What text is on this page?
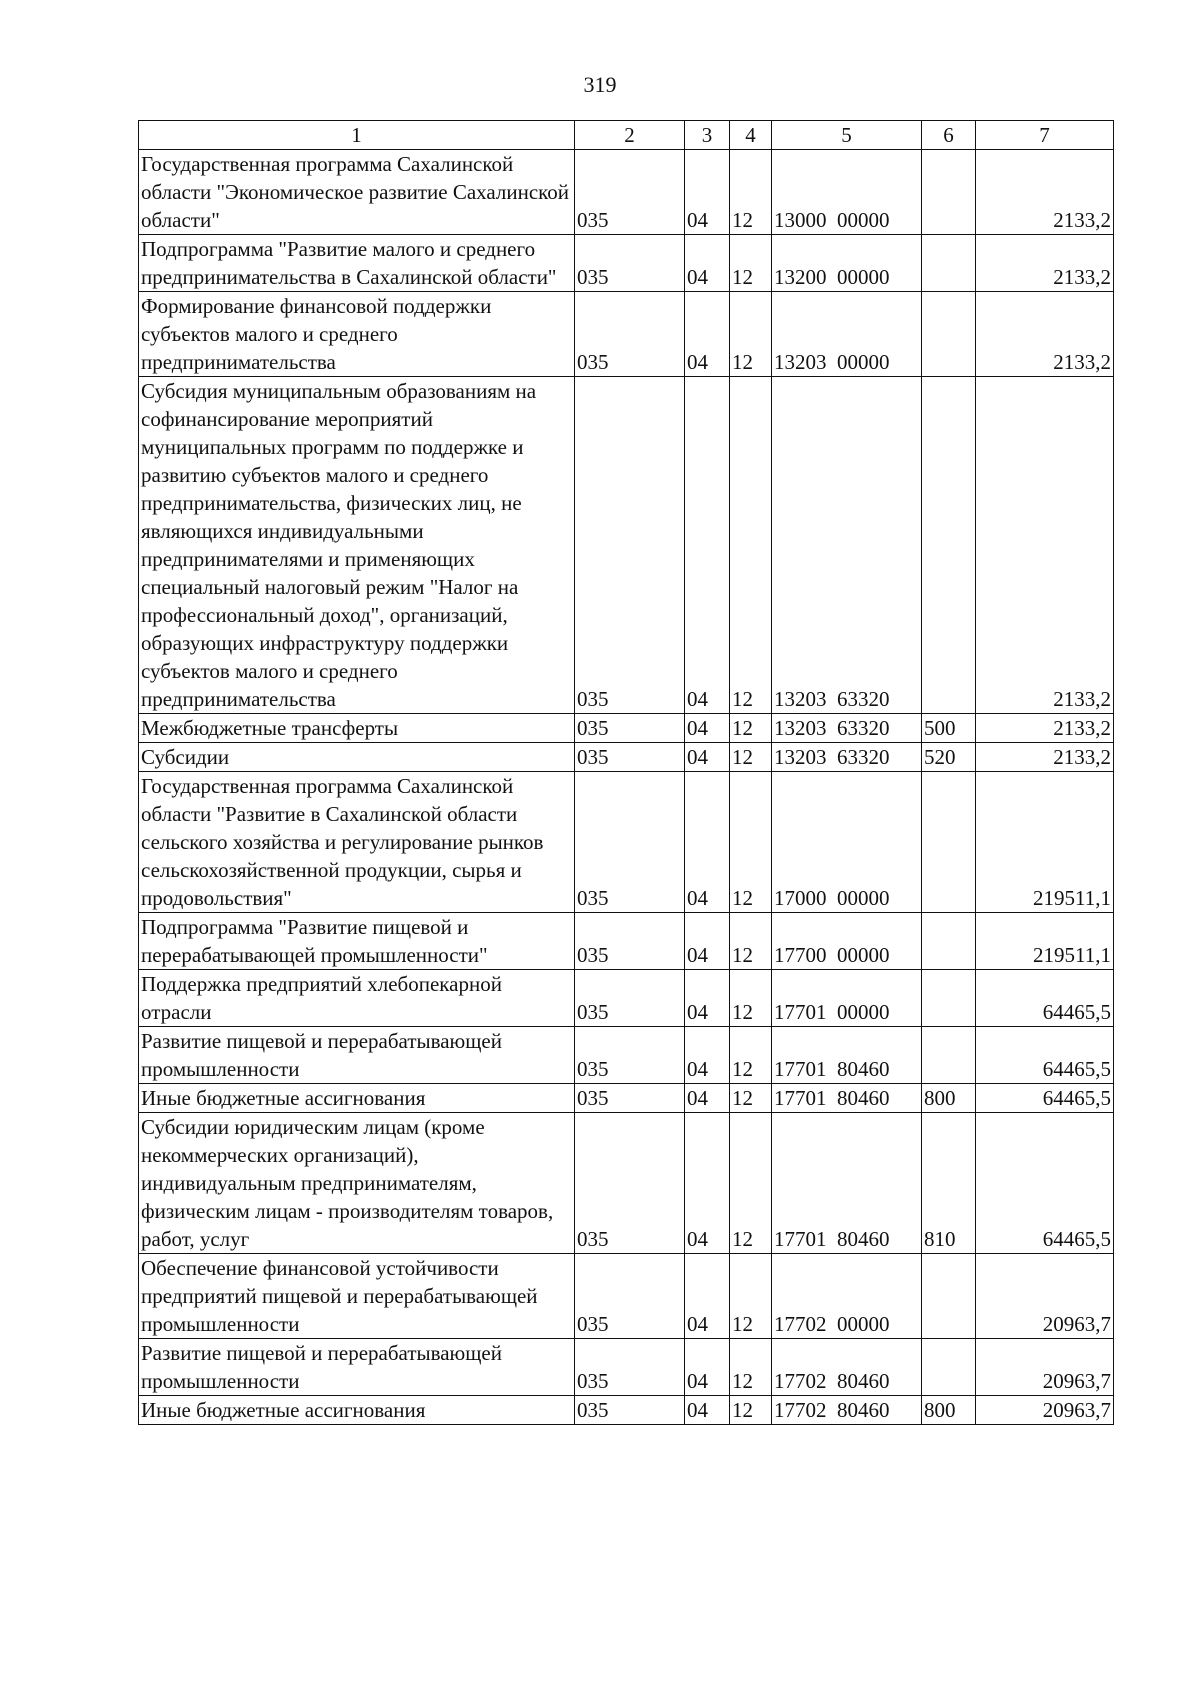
319
1	2	3	4	5	6	7
Государственная программа Сахалинской области "Экономическое развитие Сахалинской области"	035	04	12	13000  00000		2133,2
Подпрограмма "Развитие малого и среднего предпринимательства в Сахалинской области"	035	04	12	13200  00000		2133,2
Формирование финансовой поддержки субъектов малого и среднего предпринимательства	035	04	12	13203  00000		2133,2
Субсидия муниципальным образованиям на софинансирование мероприятий муниципальных программ по поддержке и развитию субъектов малого и среднего предпринимательства, физических лиц, не являющихся индивидуальными предпринимателями и применяющих специальный налоговый режим "Налог на профессиональный доход", организаций, образующих инфраструктуру поддержки субъектов малого и среднего предпринимательства	035	04	12	13203  63320		2133,2
Межбюджетные трансферты	035	04	12	13203  63320	500	2133,2
Субсидии	035	04	12	13203  63320	520	2133,2
Государственная программа Сахалинской области "Развитие в Сахалинской области сельского хозяйства и регулирование рынков сельскохозяйственной продукции, сырья и продовольствия"	035	04	12	17000  00000		219511,1
Подпрограмма "Развитие пищевой и перерабатывающей промышленности"	035	04	12	17700  00000		219511,1
Поддержка предприятий хлебопекарной отрасли	035	04	12	17701  00000		64465,5
Развитие пищевой и перерабатывающей промышленности	035	04	12	17701  80460		64465,5
Иные бюджетные ассигнования	035	04	12	17701  80460	800	64465,5
Субсидии юридическим лицам (кроме некоммерческих организаций), индивидуальным предпринимателям, физическим лицам - производителям товаров, работ, услуг	035	04	12	17701  80460	810	64465,5
Обеспечение финансовой устойчивости предприятий пищевой и перерабатывающей промышленности	035	04	12	17702  00000		20963,7
Развитие пищевой и перерабатывающей промышленности	035	04	12	17702  80460		20963,7
Иные бюджетные ассигнования	035	04	12	17702  80460	800	20963,7
